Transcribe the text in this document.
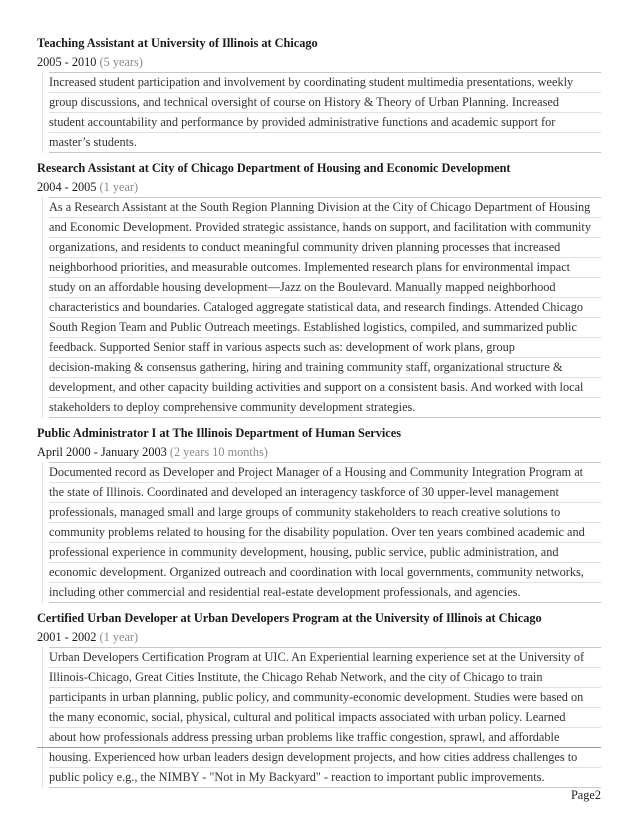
Teaching Assistant at University of Illinois at Chicago
2005 - 2010 (5 years)
Increased student participation and involvement by coordinating student multimedia presentations, weekly
group discussions, and technical oversight of course on History & Theory of Urban Planning. Increased
student accountability and performance by provided administrative functions and academic support for
master’s students.
Research Assistant at City of Chicago Department of Housing and Economic Development
2004 - 2005 (1 year)
As a Research Assistant at the South Region Planning Division at the City of Chicago Department of Housing
and Economic Development. Provided strategic assistance, hands on support, and facilitation with community
organizations, and residents to conduct meaningful community driven planning processes that increased
neighborhood priorities, and measurable outcomes. Implemented research plans for environmental impact
study on an affordable housing development—Jazz on the Boulevard. Manually mapped neighborhood
characteristics and boundaries. Cataloged aggregate statistical data, and research findings. Attended Chicago
South Region Team and Public Outreach meetings. Established logistics, compiled, and summarized public
feedback. Supported Senior staff in various aspects such as: development of work plans, group
decision-making & consensus gathering, hiring and training community staff, organizational structure &
development, and other capacity building activities and support on a consistent basis. And worked with local
stakeholders to deploy comprehensive community development strategies.
Public Administrator I at The Illinois Department of Human Services
April 2000 - January 2003 (2 years 10 months)
Documented record as Developer and Project Manager of a Housing and Community Integration Program at
the state of Illinois. Coordinated and developed an interagency taskforce of 30 upper-level management
professionals, managed small and large groups of community stakeholders to reach creative solutions to
community problems related to housing for the disability population. Over ten years combined academic and
professional experience in community development, housing, public service, public administration, and
economic development. Organized outreach and coordination with local governments, community networks,
including other commercial and residential real-estate development professionals, and agencies.
Certified Urban Developer at Urban Developers Program at the University of Illinois at Chicago
2001 - 2002 (1 year)
Urban Developers Certification Program at UIC. An Experiential learning experience set at the University of
Illinois-Chicago, Great Cities Institute, the Chicago Rehab Network, and the city of Chicago to train
participants in urban planning, public policy, and community-economic development. Studies were based on
the many economic, social, physical, cultural and political impacts associated with urban policy. Learned
about how professionals address pressing urban problems like traffic congestion, sprawl, and affordable
housing. Experienced how urban leaders design development projects, and how cities address challenges to
public policy e.g., the NIMBY - "Not in My Backyard" - reaction to important public improvements.
Page2
